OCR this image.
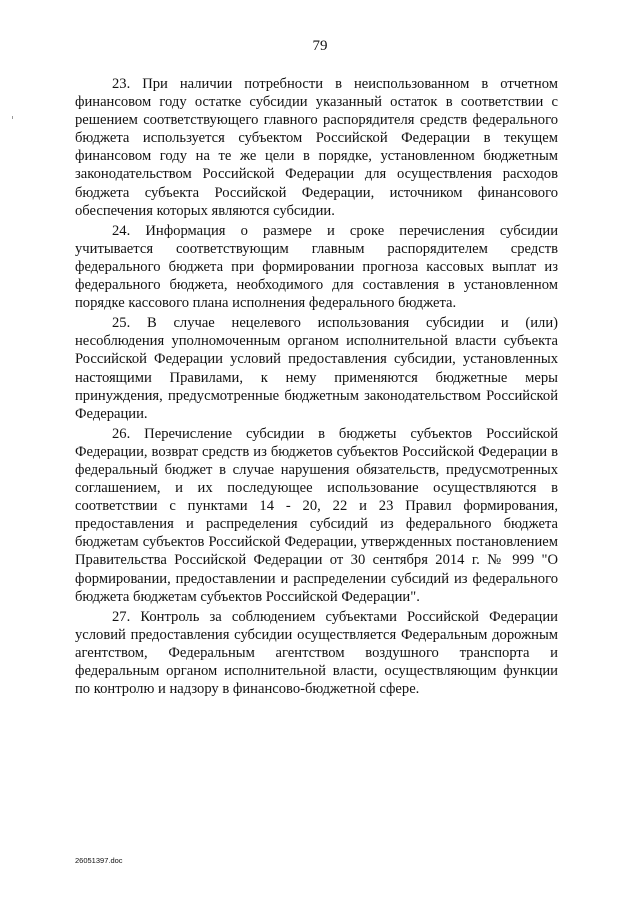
79

23. При наличии потребности в неиспользованном в отчетном финансовом году остатке субсидии указанный остаток в соответствии с решением соответствующего главного распорядителя средств федерального бюджета используется субъектом Российской Федерации в текущем финансовом году на те же цели в порядке, установленном бюджетным законодательством Российской Федерации для осуществления расходов бюджета субъекта Российской Федерации, источником финансового обеспечения которых являются субсидии.

24. Информация о размере и сроке перечисления субсидии учитывается соответствующим главным распорядителем средств федерального бюджета при формировании прогноза кассовых выплат из федерального бюджета, необходимого для составления в установленном порядке кассового плана исполнения федерального бюджета.

25. В случае нецелевого использования субсидии и (или) несоблюдения уполномоченным органом исполнительной власти субъекта Российской Федерации условий предоставления субсидии, установленных настоящими Правилами, к нему применяются бюджетные меры принуждения, предусмотренные бюджетным законодательством Российской Федерации.

26. Перечисление субсидии в бюджеты субъектов Российской Федерации, возврат средств из бюджетов субъектов Российской Федерации в федеральный бюджет в случае нарушения обязательств, предусмотренных соглашением, и их последующее использование осуществляются в соответствии с пунктами 14 - 20, 22 и 23 Правил формирования, предоставления и распределения субсидий из федерального бюджета бюджетам субъектов Российской Федерации, утвержденных постановлением Правительства Российской Федерации от 30 сентября 2014 г. № 999 "О формировании, предоставлении и распределении субсидий из федерального бюджета бюджетам субъектов Российской Федерации".

27. Контроль за соблюдением субъектами Российской Федерации условий предоставления субсидии осуществляется Федеральным дорожным агентством, Федеральным агентством воздушного транспорта и федеральным органом исполнительной власти, осуществляющим функции по контролю и надзору в финансово-бюджетной сфере.

26051397.doc
